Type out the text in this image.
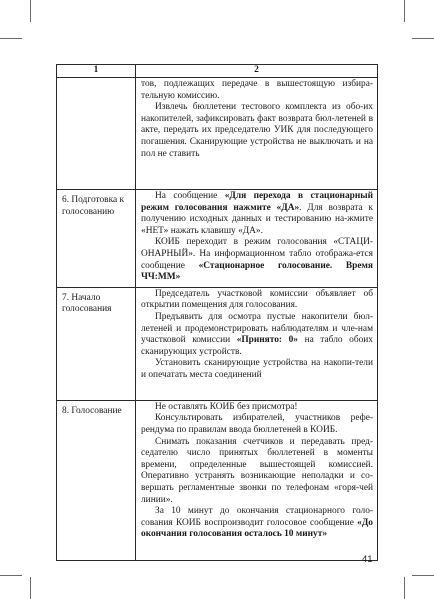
1	2

	тов, подлежащих передаче в вышестоящую избира-тельную комиссию.

Извлечь бюллетени тестового комплекта из обо-их накопителей, зафиксировать факт возврата бюл-летеней в акте, передать их председателю УИК для последующего погашения. Сканирующие устройства не выключать и на пол не ставить

6. Подготовка к голосованию	На сообщение «Для перехода в стационарный режим голосования нажмите «ДА». Для возврата к получению исходных данных и тестированию на-жмите «НЕТ» нажать клавишу «ДА».

КОИБ переходит в режим голосования «СТАЦИ-ОНАРНЫЙ». На информационном табло отобража-ется сообщение «Стационарное голосование. Время ЧЧ:ММ»

7. Начало голосования	Председатель участковой комиссии объявляет об открытии помещения для голосования.

Предъявить для осмотра пустые накопители бюл-летеней и продемонстрировать наблюдателям и чле-нам участковой комиссии «Принято: 0» на табло обоих сканирующих устройств.

Установить сканирующие устройства на накопи-тели и опечатать места соединений

8. Голосование	Не оставлять КОИБ без присмотра!

Консультировать избирателей, участников рефе-рендума по правилам ввода бюллетеней в КОИБ.

Снимать показания счетчиков и передавать пред-седателю число принятых бюллетеней в моменты времени, определенные вышестоящей комиссией. Оперативно устранять возникающие неполадки и со-вершать регламентные звонки по телефонам «горя-чей линии».

За 10 минут до окончания стационарного голо-сования КОИБ воспроизводит голосовое сообщение «До окончания голосования осталось 10 минут»

41
